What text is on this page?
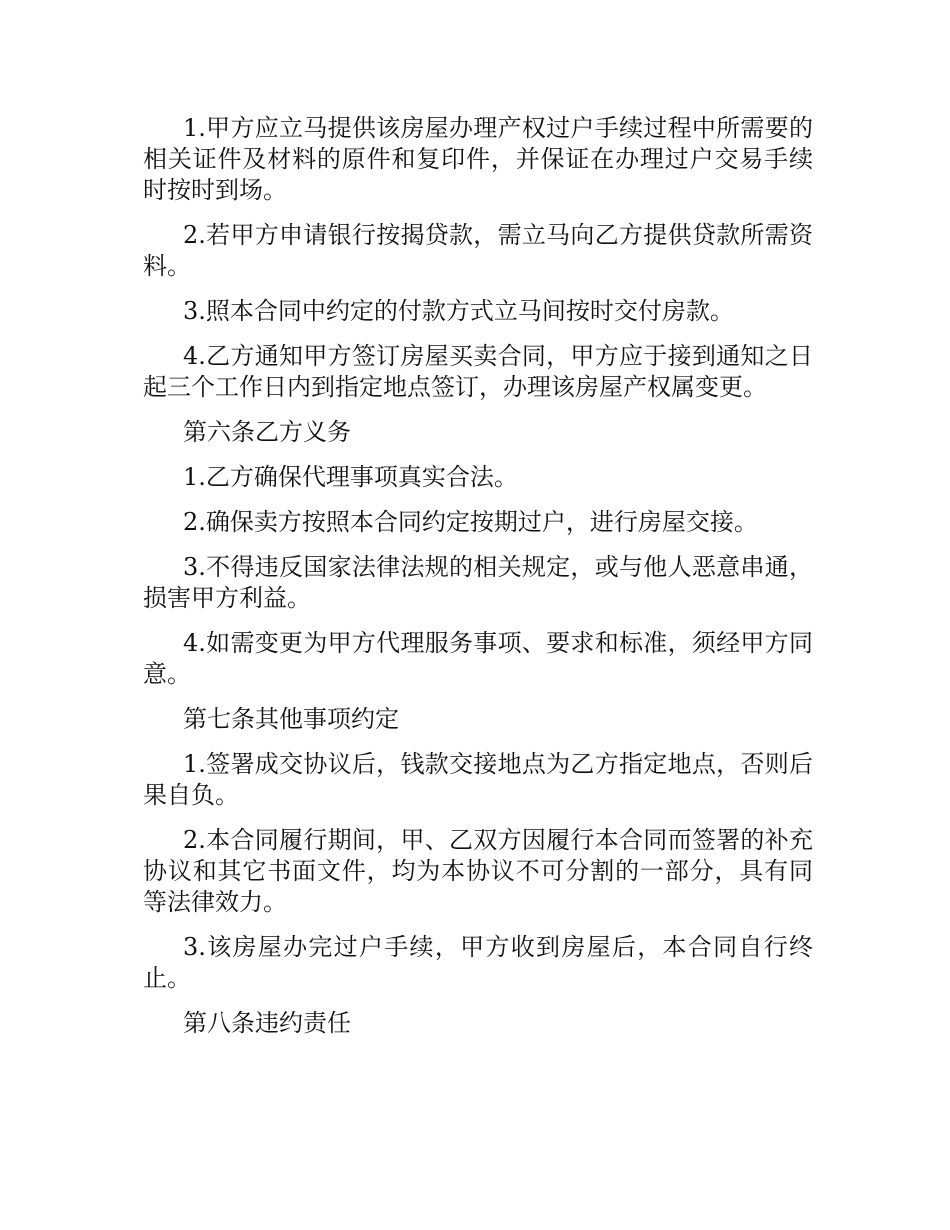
1.甲方应立马提供该房屋办理产权过户手续过程中所需要的相关证件及材料的原件和复印件，并保证在办理过户交易手续时按时到场。

2.若甲方申请银行按揭贷款，需立马向乙方提供贷款所需资料。

3.照本合同中约定的付款方式立马间按时交付房款。

4.乙方通知甲方签订房屋买卖合同，甲方应于接到通知之日起三个工作日内到指定地点签订，办理该房屋产权属变更。

第六条乙方义务

1.乙方确保代理事项真实合法。

2.确保卖方按照本合同约定按期过户，进行房屋交接。

3.不得违反国家法律法规的相关规定，或与他人恶意串通，损害甲方利益。

4.如需变更为甲方代理服务事项、要求和标准，须经甲方同意。

第七条其他事项约定

1.签署成交协议后，钱款交接地点为乙方指定地点，否则后果自负。

2.本合同履行期间，甲、乙双方因履行本合同而签署的补充协议和其它书面文件，均为本协议不可分割的一部分，具有同等法律效力。

3.该房屋办完过户手续，甲方收到房屋后，本合同自行终止。

第八条违约责任
